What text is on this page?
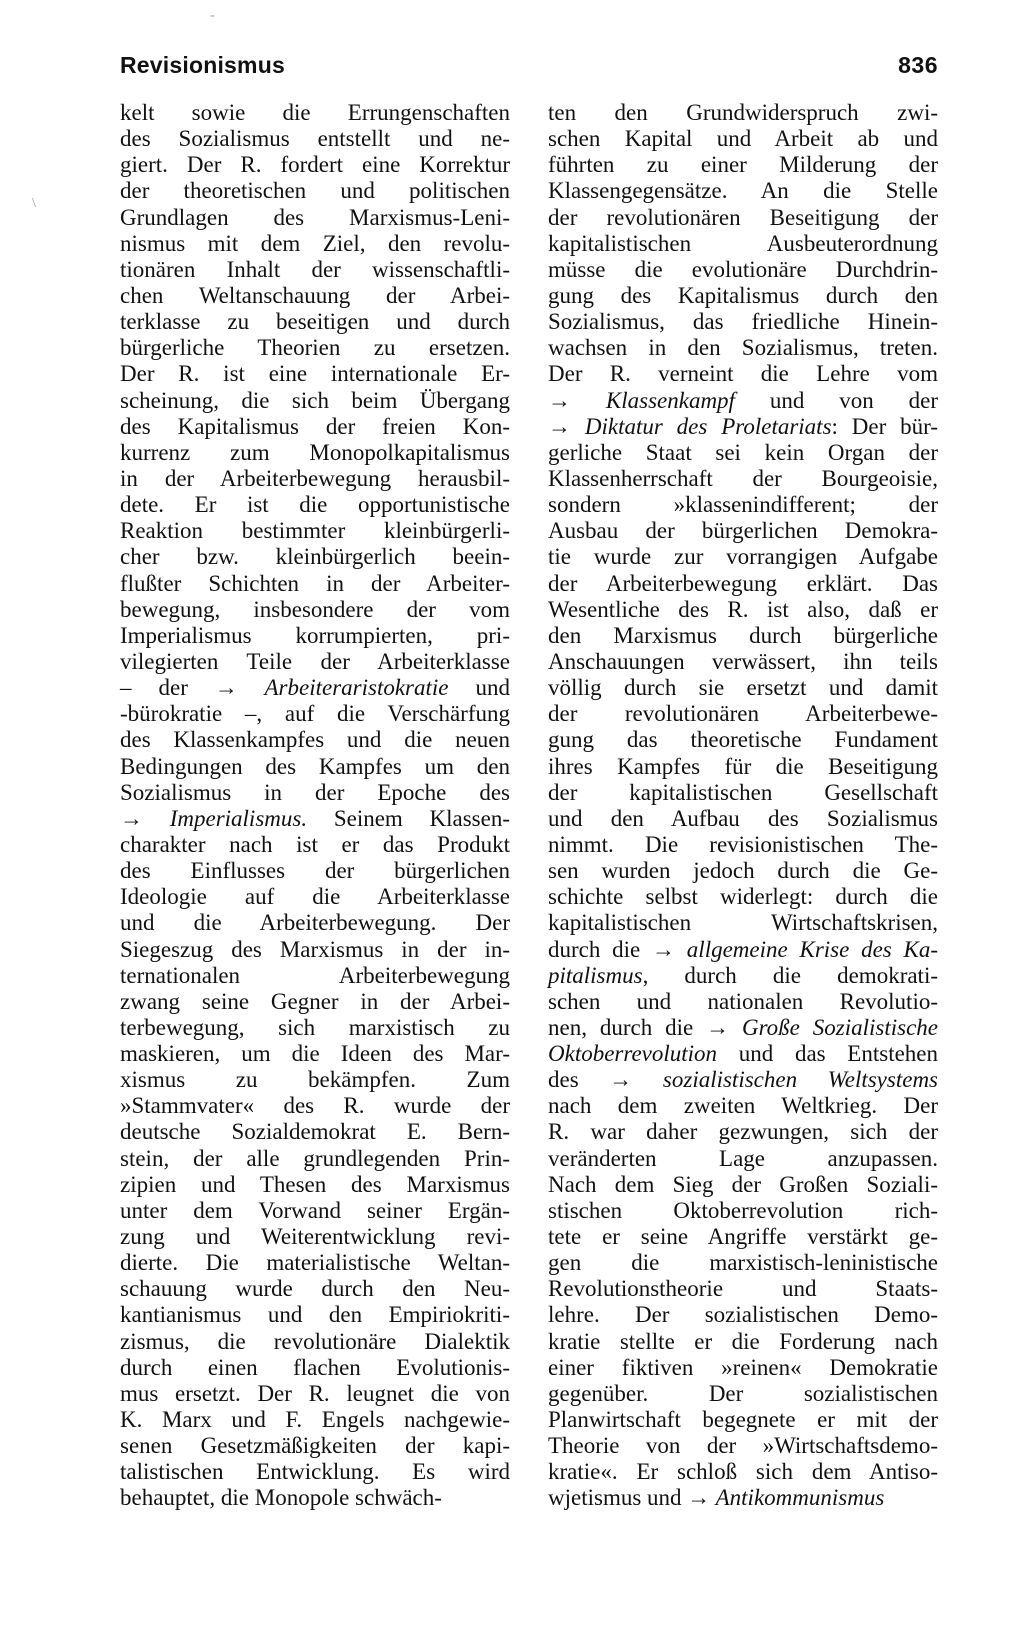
Revisionismus	836
-
\
kelt sowie die Errungenschaften
des Sozialismus entstellt und ne-
giert. Der R. fordert eine Korrektur
der theoretischen und politischen
Grundlagen des Marxismus-Leni-
nismus mit dem Ziel, den revolu-
tionären Inhalt der wissenschaftli-
chen Weltanschauung der Arbei-
terklasse zu beseitigen und durch
bürgerliche Theorien zu ersetzen.
Der R. ist eine internationale Er-
scheinung, die sich beim Übergang
des Kapitalismus der freien Kon-
kurrenz zum Monopolkapitalismus
in der Arbeiterbewegung herausbil-
dete. Er ist die opportunistische
Reaktion bestimmter kleinbürgerli-
cher bzw. kleinbürgerlich beein-
flußter Schichten in der Arbeiter-
bewegung, insbesondere der vom
Imperialismus korrumpierten, pri-
vilegierten Teile der Arbeiterklasse
– der → Arbeiteraristokratie und
-bürokratie –, auf die Verschärfung
des Klassenkampfes und die neuen
Bedingungen des Kampfes um den
Sozialismus in der Epoche des
→ Imperialismus. Seinem Klassen-
charakter nach ist er das Produkt
des Einflusses der bürgerlichen
Ideologie auf die Arbeiterklasse
und die Arbeiterbewegung. Der
Siegeszug des Marxismus in der in-
ternationalen Arbeiterbewegung
zwang seine Gegner in der Arbei-
terbewegung, sich marxistisch zu
maskieren, um die Ideen des Mar-
xismus zu bekämpfen. Zum
»Stammvater« des R. wurde der
deutsche Sozialdemokrat E. Bern-
stein, der alle grundlegenden Prin-
zipien und Thesen des Marxismus
unter dem Vorwand seiner Ergän-
zung und Weiterentwicklung revi-
dierte. Die materialistische Weltan-
schauung wurde durch den Neu-
kantianismus und den Empiriokriti-
zismus, die revolutionäre Dialektik
durch einen flachen Evolutionis-
mus ersetzt. Der R. leugnet die von
K. Marx und F. Engels nachgewie-
senen Gesetzmäßigkeiten der kapi-
talistischen Entwicklung. Es wird
behauptet, die Monopole schwäch-
ten den Grundwiderspruch zwi-
schen Kapital und Arbeit ab und
führten zu einer Milderung der
Klassengegensätze. An die Stelle
der revolutionären Beseitigung der
kapitalistischen Ausbeuterordnung
müsse die evolutionäre Durchdrin-
gung des Kapitalismus durch den
Sozialismus, das friedliche Hinein-
wachsen in den Sozialismus, treten.
Der R. verneint die Lehre vom
→ Klassenkampf und von der
→ Diktatur des Proletariats: Der bür-
gerliche Staat sei kein Organ der
Klassenherrschaft der Bourgeoisie,
sondern »klassenindifferent; der
Ausbau der bürgerlichen Demokra-
tie wurde zur vorrangigen Aufgabe
der Arbeiterbewegung erklärt. Das
Wesentliche des R. ist also, daß er
den Marxismus durch bürgerliche
Anschauungen verwässert, ihn teils
völlig durch sie ersetzt und damit
der revolutionären Arbeiterbewe-
gung das theoretische Fundament
ihres Kampfes für die Beseitigung
der kapitalistischen Gesellschaft
und den Aufbau des Sozialismus
nimmt. Die revisionistischen The-
sen wurden jedoch durch die Ge-
schichte selbst widerlegt: durch die
kapitalistischen Wirtschaftskrisen,
durch die → allgemeine Krise des Ka-
pitalismus, durch die demokrati-
schen und nationalen Revolutio-
nen, durch die → Große Sozialistische
Oktoberrevolution und das Entstehen
des → sozialistischen Weltsystems
nach dem zweiten Weltkrieg. Der
R. war daher gezwungen, sich der
veränderten Lage anzupassen.
Nach dem Sieg der Großen Soziali-
stischen Oktoberrevolution rich-
tete er seine Angriffe verstärkt ge-
gen die marxistisch-leninistische
Revolutionstheorie und Staats-
lehre. Der sozialistischen Demo-
kratie stellte er die Forderung nach
einer fiktiven »reinen« Demokratie
gegenüber. Der sozialistischen
Planwirtschaft begegnete er mit der
Theorie von der »Wirtschaftsdemo-
kratie«. Er schloß sich dem Antiso-
wjetismus und → Antikommunismus
